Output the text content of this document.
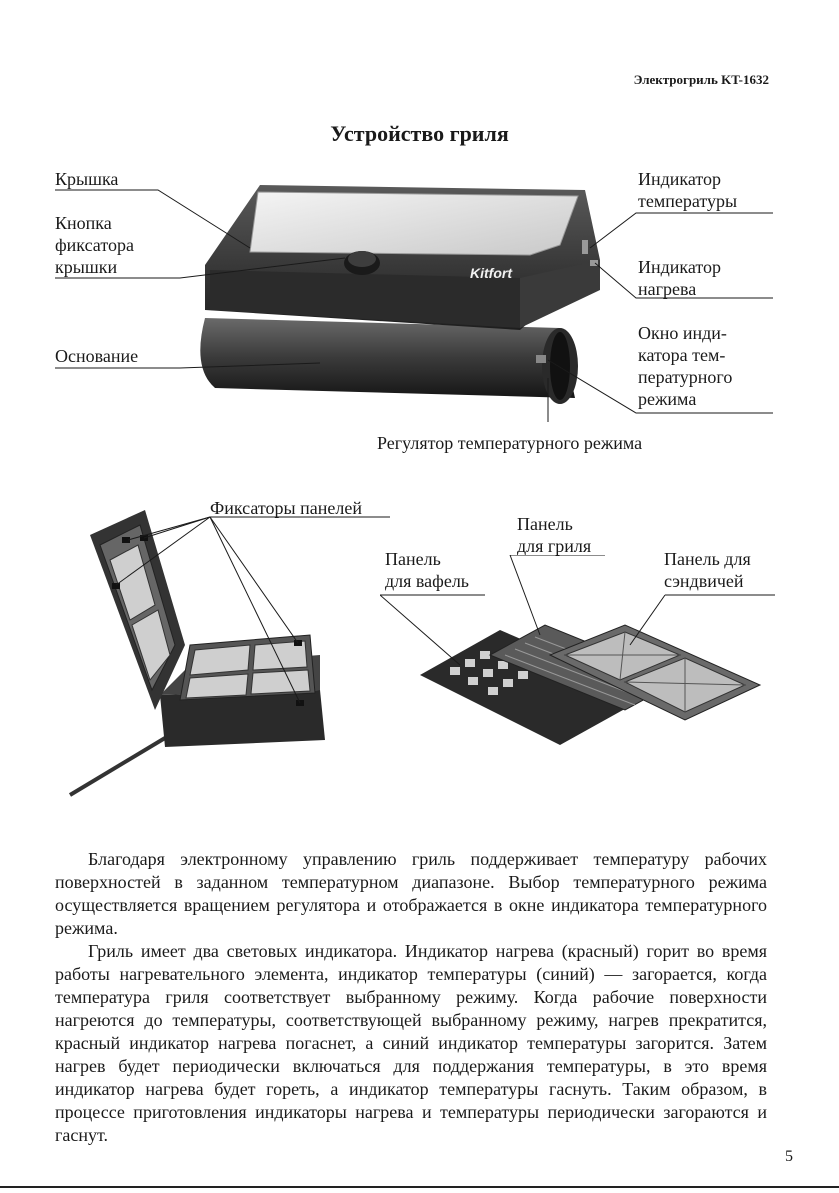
Электрогриль KT-1632
Устройство гриля
Kitfort
Крышка
Кнопка
фиксатора
крышки
Основание
Индикатор
температуры
Индикатор
нагрева
Окно инди-
катора тем-
пературного
режима
Регулятор температурного режима
Фиксаторы панелей
Панель
для гриля
Панель
для вафель
Панель для
сэндвичей

Благодаря электронному управлению гриль поддерживает температуру рабочих поверхностей в заданном температурном диапазоне. Выбор температурного режима осуществляется вращением регулятора и отображается в окне индикатора температурного режима.

Гриль имеет два световых индикатора. Индикатор нагрева (красный) горит во время работы нагревательного элемента, индикатор температуры (синий) — загорается, когда температура гриля соответствует выбранному режиму. Когда рабочие поверхности нагреются до температуры, соответствующей выбранному режиму, нагрев прекратится, красный индикатор нагрева погаснет, а синий индикатор температуры загорится. Затем нагрев будет периодически включаться для поддержания температуры, в это время индикатор нагрева будет гореть, а индикатор температуры гаснуть. Таким образом, в процессе приготовления индикаторы нагрева и температуры периодически загораются и гаснут.

5
